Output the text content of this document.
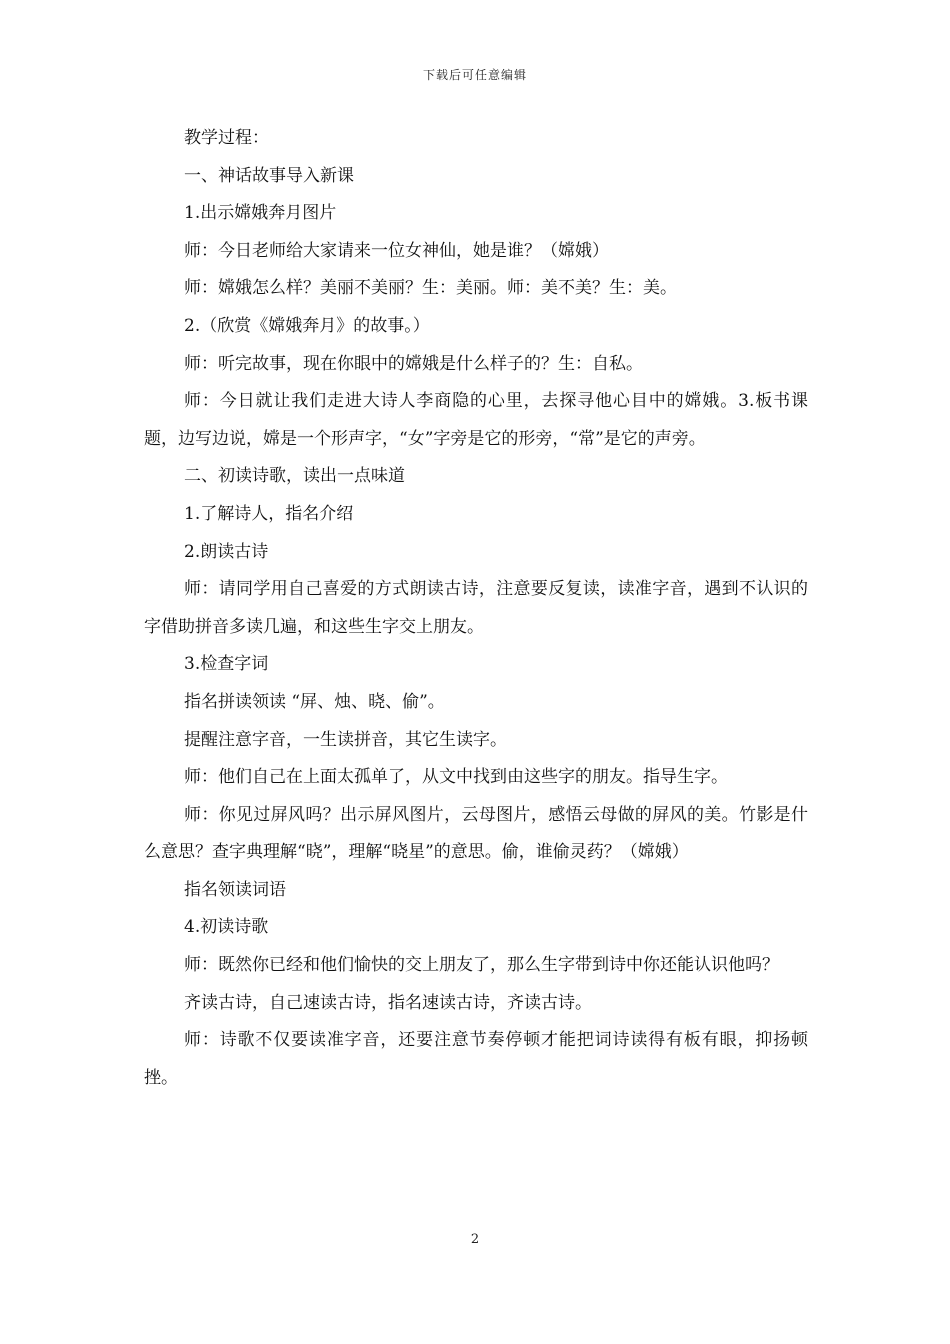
下载后可任意编辑

教学过程：

一、神话故事导入新课

1.出示嫦娥奔月图片

师：今日老师给大家请来一位女神仙，她是谁？（嫦娥）

师：嫦娥怎么样？美丽不美丽？生：美丽。师：美不美？生：美。

2.（欣赏《嫦娥奔月》的故事。）

师：听完故事，现在你眼中的嫦娥是什么样子的？生：自私。

师：今日就让我们走进大诗人李商隐的心里，去探寻他心目中的嫦娥。3.板书课题，边写边说，嫦是一个形声字，“女”字旁是它的形旁，“常”是它的声旁。

二、初读诗歌，读出一点味道

1.了解诗人，指名介绍

2.朗读古诗

师：请同学用自己喜爱的方式朗读古诗，注意要反复读，读准字音，遇到不认识的字借助拼音多读几遍，和这些生字交上朋友。

3.检查字词

指名拼读领读 “屏、烛、晓、偷”。

提醒注意字音，一生读拼音，其它生读字。

师：他们自己在上面太孤单了，从文中找到由这些字的朋友。指导生字。

师：你见过屏风吗？出示屏风图片，云母图片，感悟云母做的屏风的美。竹影是什么意思？查字典理解“晓”，理解“晓星”的意思。偷，谁偷灵药？（嫦娥）

指名领读词语

4.初读诗歌

师：既然你已经和他们愉快的交上朋友了，那么生字带到诗中你还能认识他吗？

齐读古诗，自己速读古诗，指名速读古诗，齐读古诗。

师：诗歌不仅要读准字音，还要注意节奏停顿才能把词诗读得有板有眼，抑扬顿挫。

2
